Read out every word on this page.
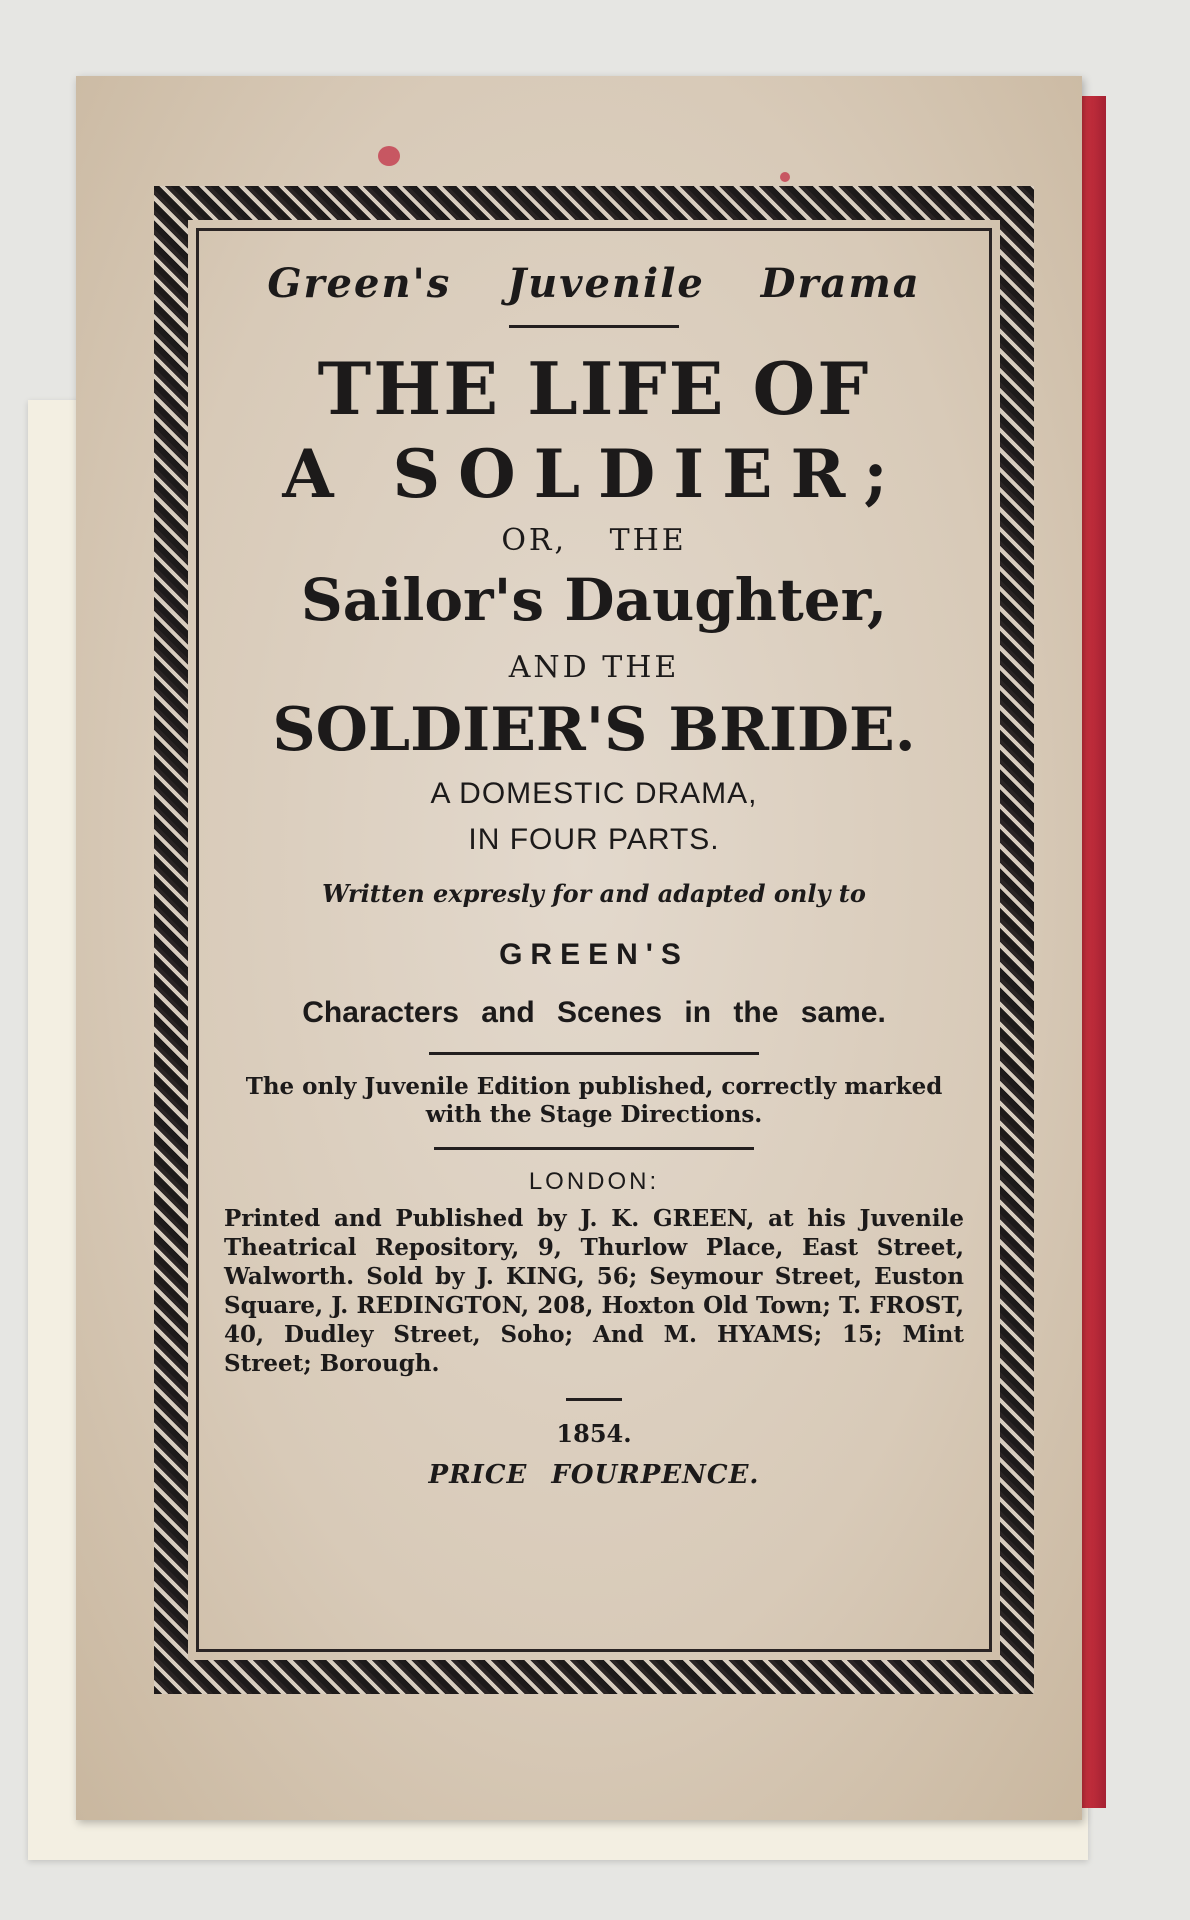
Green's Juvenile Drama

THE LIFE OF

A SOLDIER;

OR, THE

Sailor's Daughter,

AND THE

SOLDIER'S BRIDE.

A DOMESTIC DRAMA,

IN FOUR PARTS.

Written expresly for and adapted only to

GREEN'S

Characters and Scenes in the same.

The only Juvenile Edition published, correctly marked with the Stage Directions.

LONDON:

Printed and Published by J. K. GREEN, at his Juvenile Theatrical Repository, 9, Thurlow Place, East Street, Walworth. Sold by J. KING, 56; Seymour Street, Euston Square, J. REDINGTON, 208, Hoxton Old Town; T. FROST, 40, Dudley Street, Soho; And M. HYAMS; 15; Mint Street; Borough.

1854.

PRICE FOURPENCE.
